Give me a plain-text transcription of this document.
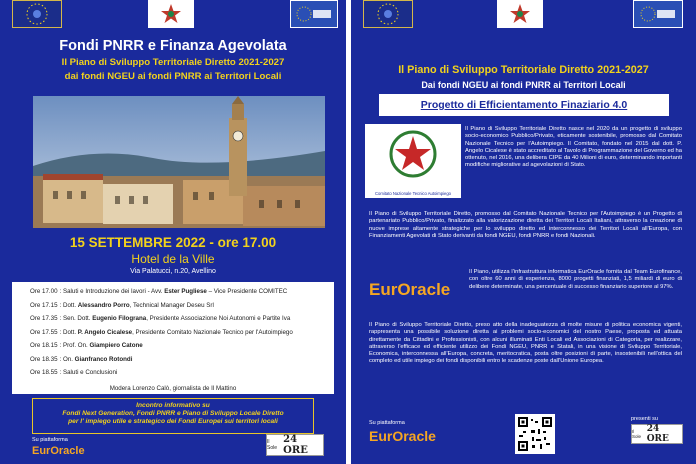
Fondi PNRR e Finanza Agevolata
Il Piano di Sviluppo Territoriale Diretto 2021-2027
dai fondi NGEU ai fondi PNRR ai Territori Locali
15 SETTEMBRE 2022 - ore 17.00
Hotel de la Ville
Via Palatucci, n.20, Avellino
Ore 17.00 : Saluti e Introduzione dei lavori - Avv. Ester Pugliese – Vice Presidente COMITEC
Ore 17.15 : Dott. Alessandro Porro, Technical Manager Deseu Srl
Ore 17.35 : Sen. Dott. Eugenio Filograna, Presidente Associazione Noi Autonomi e Partite Iva
Ore 17.55 : Dott. P. Angelo Cicalese, Presidente Comitato Nazionale Tecnico per l'Autoimpiego
Ore 18.15 : Prof. On. Giampiero Catone
Ore 18.35 : On. Gianfranco Rotondi
Ore 18.55 : Saluti e Conclusioni
Modera Lorenzo Calò, giornalista de Il Mattino
Incontro informativo su
Fondi Next Generation, Fondi PNRR e Piano di Sviluppo Locale Diretto
per l' impiego utile e strategico dei Fondi Europei sui territori locali
Su piattaforma
EurOracle
Il Sole
24 ORE
Il Piano di Sviluppo Territoriale Diretto 2021-2027
Dai fondi NGEU ai fondi PNRR ai Territori Locali
Progetto di Efficientamento Finaziario 4.0
Comitato Nazionale Tecnico Autoimpiego
Il Piano di Sviluppo Territoriale Diretto nasce nel 2020 da un progetto di sviluppo socio-economico Pubblico/Privato, eticamente sostenibile, promosso dal Comitato Nazionale Tecnico per l'Autoimpiego. Il Comitato, fondato nel 2015 dal dott. P. Angelo Cicalese è stato accreditato al Tavolo di Programmazione del Governo ed ha ottenuto, nel 2016, una delibera CIPE da 40 Milioni di euro, determinando importanti modifiche migliorative ad agevolazioni di Stato.
Il Piano di Sviluppo Territoriale Diretto, promosso dal Comitato Nazionale Tecnico per l'Autoimpiego è un Progetto di partenariato Pubblico/Privato, finalizzato alla valorizzazione diretta dei Territori Locali Italiani, attraverso la creazione di nuove imprese altamente strategiche per lo sviluppo diretto ed interconnesso dei Territori Locali all'Europa, con Finanziamenti Agevolati di Stato derivanti da fondi NGEU, fondi PNRR e fondi Nazionali.
EurOracle
Il Piano, utilizza l'infrastruttura informatica EurOracle fornita dal Team Eurofinance, con oltre 60 anni di esperienza, 8000 progetti finanziati, 1,5 miliardi di euro di delibere determinate, una percentuale di successo finanziario superiore al 97%.
Il Piano di Sviluppo Territoriale Diretto, preso atto della inadeguatezza di molte misure di politica economica vigenti, rappresenta una possibile soluzione diretta ai problemi socio-economici del nostro Paese, proposta ed attuata direttamente da Cittadini e Professionisti, con alcuni illuminati Enti Locali ed Associazioni di Categoria, per realizzare, attraverso l'efficace ed efficiente utilizzo dei Fondi NGEU, PNRR e Statali, in una visione di Sviluppo Territoriale, Economica, interconnessa all'Europa, concreta, meritocratica, posta oltre posizioni di parte, insostenibili nell'ottica del completo ed utile impiego dei fondi disponibili entro le scadenze poste dall'Unione Europea.
Su piattaforma
EurOracle
presenti su
Il Sole
24 ORE
